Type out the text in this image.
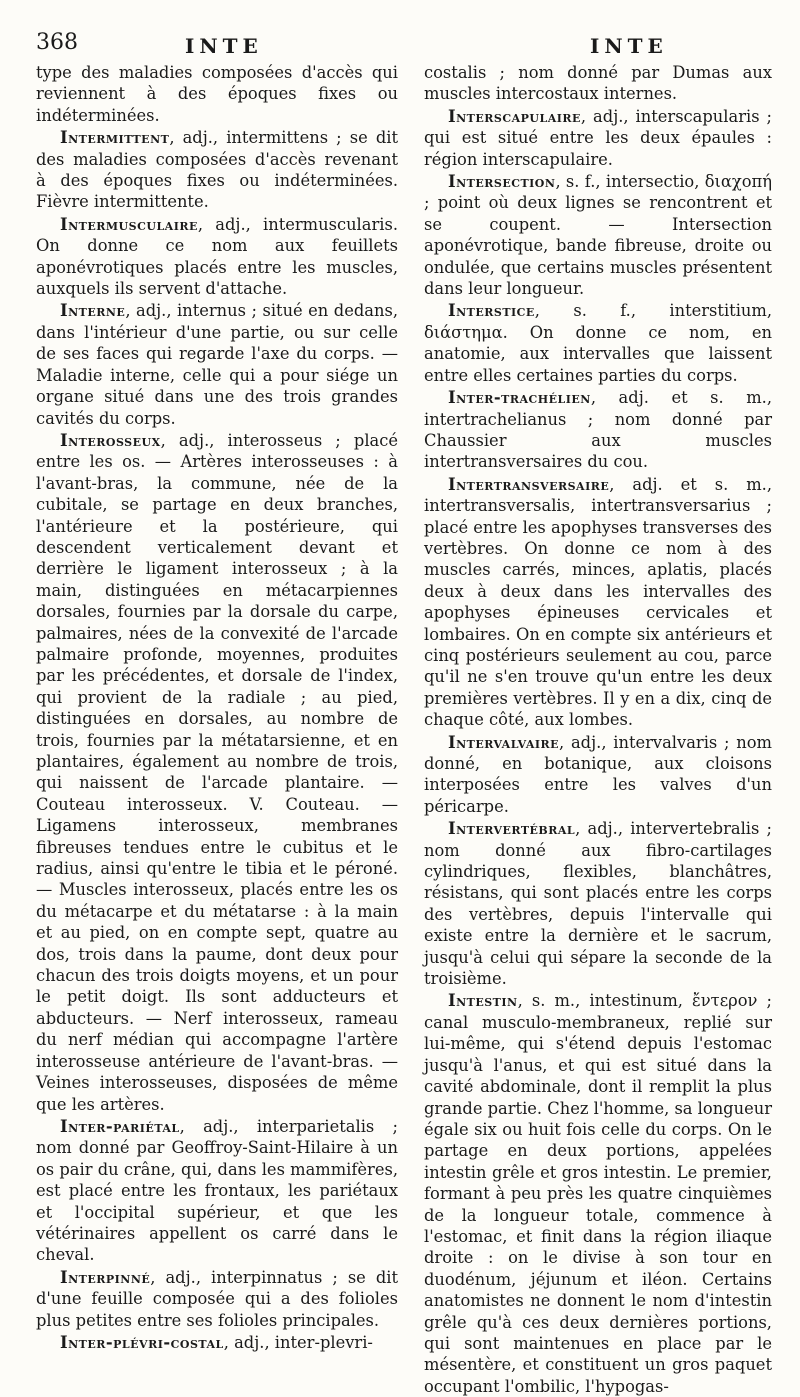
368	INTE	INTE

type des maladies composées d'accès qui reviennent à des époques fixes ou indéterminées.

Intermittent, adj., intermittens ; se dit des maladies composées d'accès revenant à des époques fixes ou indéterminées. Fièvre intermittente.

Intermusculaire, adj., intermuscularis. On donne ce nom aux feuillets aponévrotiques placés entre les muscles, auxquels ils servent d'attache.

Interne, adj., internus ; situé en dedans, dans l'intérieur d'une partie, ou sur celle de ses faces qui regarde l'axe du corps. — Maladie interne, celle qui a pour siége un organe situé dans une des trois grandes cavités du corps.

Interosseux, adj., interosseus ; placé entre les os. — Artères interosseuses : à l'avant-bras, la commune, née de la cubitale, se partage en deux branches, l'antérieure et la postérieure, qui descendent verticalement devant et derrière le ligament interosseux ; à la main, distinguées en métacarpiennes dorsales, fournies par la dorsale du carpe, palmaires, nées de la convexité de l'arcade palmaire profonde, moyennes, produites par les précédentes, et dorsale de l'index, qui provient de la radiale ; au pied, distinguées en dorsales, au nombre de trois, fournies par la métatarsienne, et en plantaires, également au nombre de trois, qui naissent de l'arcade plantaire. — Couteau interosseux. V. Couteau. — Ligamens interosseux, membranes fibreuses tendues entre le cubitus et le radius, ainsi qu'entre le tibia et le péroné. — Muscles interosseux, placés entre les os du métacarpe et du métatarse : à la main et au pied, on en compte sept, quatre au dos, trois dans la paume, dont deux pour chacun des trois doigts moyens, et un pour le petit doigt. Ils sont adducteurs et abducteurs. — Nerf interosseux, rameau du nerf médian qui accompagne l'artère interosseuse antérieure de l'avant-bras. — Veines interosseuses, disposées de même que les artères.

Inter-pariétal, adj., interparietalis ; nom donné par Geoffroy-Saint-Hilaire à un os pair du crâne, qui, dans les mammifères, est placé entre les frontaux, les pariétaux et l'occipital supérieur, et que les vétérinaires appellent os carré dans le cheval.

Interpinné, adj., interpinnatus ; se dit d'une feuille composée qui a des folioles plus petites entre ses folioles principales.

Inter-plévri-costal, adj., inter-plevri-

costalis ; nom donné par Dumas aux muscles intercostaux internes.

Interscapulaire, adj., interscapularis ; qui est situé entre les deux épaules : région interscapulaire.

Intersection, s. f., intersectio, διαχοπή ; point où deux lignes se rencontrent et se coupent. — Intersection aponévrotique, bande fibreuse, droite ou ondulée, que certains muscles présentent dans leur longueur.

Interstice, s. f., interstitium, διάστημα. On donne ce nom, en anatomie, aux intervalles que laissent entre elles certaines parties du corps.

Inter-trachélien, adj. et s. m., intertrachelianus ; nom donné par Chaussier aux muscles intertransversaires du cou.

Intertransversaire, adj. et s. m., intertransversalis, intertransversarius ; placé entre les apophyses transverses des vertèbres. On donne ce nom à des muscles carrés, minces, aplatis, placés deux à deux dans les intervalles des apophyses épineuses cervicales et lombaires. On en compte six antérieurs et cinq postérieurs seulement au cou, parce qu'il ne s'en trouve qu'un entre les deux premières vertèbres. Il y en a dix, cinq de chaque côté, aux lombes.

Intervalvaire, adj., intervalvaris ; nom donné, en botanique, aux cloisons interposées entre les valves d'un péricarpe.

Intervertébral, adj., intervertebralis ; nom donné aux fibro-cartilages cylindriques, flexibles, blanchâtres, résistans, qui sont placés entre les corps des vertèbres, depuis l'intervalle qui existe entre la dernière et le sacrum, jusqu'à celui qui sépare la seconde de la troisième.

Intestin, s. m., intestinum, ἔντερον ; canal musculo-membraneux, replié sur lui-même, qui s'étend depuis l'estomac jusqu'à l'anus, et qui est situé dans la cavité abdominale, dont il remplit la plus grande partie. Chez l'homme, sa longueur égale six ou huit fois celle du corps. On le partage en deux portions, appelées intestin grêle et gros intestin. Le premier, formant à peu près les quatre cinquièmes de la longueur totale, commence à l'estomac, et finit dans la région iliaque droite : on le divise à son tour en duodénum, jéjunum et iléon. Certains anatomistes ne donnent le nom d'intestin grêle qu'à ces deux dernières portions, qui sont maintenues en place par le mésentère, et constituent un gros paquet occupant l'ombilic, l'hypogas-
